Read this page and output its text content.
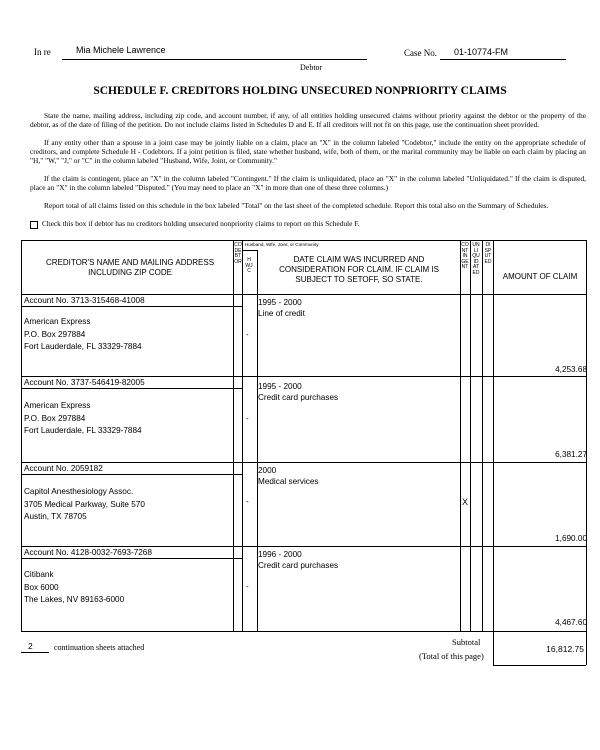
In re	Mia Michele Lawrence
Debtor
Case No. 01-10774-FM
SCHEDULE F. CREDITORS HOLDING UNSECURED NONPRIORITY CLAIMS
State the name, mailing address, including zip code, and account number, if any, of all entities holding unsecured claims without priority against the debtor or the property of the debtor, as of the date of filing of the petition. Do not include claims listed in Schedules D and E. If all creditors will not fit on this page, use the continuation sheet provided.
If any entity other than a spouse in a joint case may be jointly liable on a claim, place an "X" in the column labeled "Codebtor," include the entity on the appropriate schedule of creditors, and complete Schedule H - Codebtors. If a joint petition is filed, state whether husband, wife, both of them, or the marital community may be liable on each claim by placing an "H," "W," "J," or "C" in the column labeled "Husband, Wife, Joint, or Community."
If the claim is contingent, place an "X" in the column labeled "Contingent." If the claim is unliquidated, place an "X" in the column labeled "Unliquidated." If the claim is disputed, place an "X" in the column labeled "Disputed." (You may need to place an "X" in more than one of these three columns.)
Report total of all claims listed on this schedule in the box labeled "Total" on the last sheet of the completed schedule. Report this total also on the Summary of Schedules.
Check this box if debtor has no creditors holding unsecured nonpriority claims to report on this Schedule F.
CREDITOR'S NAME AND MAILING ADDRESS INCLUDING ZIP CODE
CODEBTOR
Husband, Wife, Joint, or Community
HWJC
DATE CLAIM WAS INCURRED AND CONSIDERATION FOR CLAIM. IF CLAIM IS SUBJECT TO SETOFF, SO STATE.
CONTINGENT
UNLIQUIDATED
DISPUTED
AMOUNT OF CLAIM
Account No. 3713-315468-41008
American Express
P.O. Box 297884
Fort Lauderdale, FL 33329-7884
-
1995 - 2000
Line of credit
4,253.68
Account No. 3737-546419-82005
American Express
P.O. Box 297884
Fort Lauderdale, FL 33329-7884
-
1995 - 2000
Credit card purchases
6,381.27
Account No. 2059182
Capitol Anesthesiology Assoc.
3705 Medical Parkway, Suite 570
Austin, TX 78705
-
2000
Medical services
X
1,690.00
Account No. 4128-0032-7693-7268
Citibank
Box 6000
The Lakes, NV 89163-6000
-
1996 - 2000
Credit card purchases
4,467.60
2	continuation sheets attached
Subtotal
(Total of this page)
16,812.75
